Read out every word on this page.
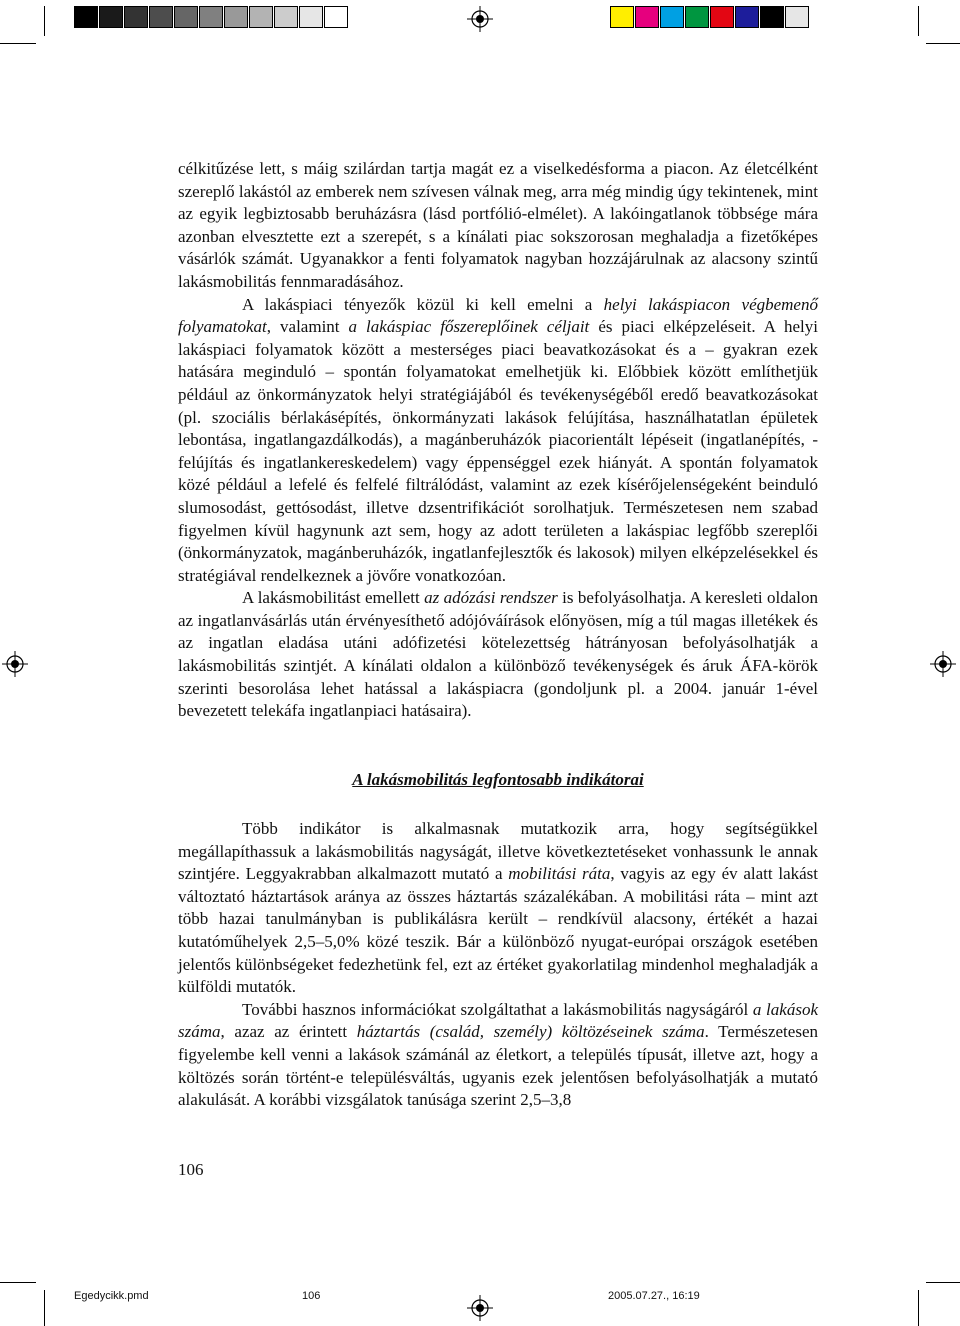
célkitűzése lett, s máig szilárdan tartja magát ez a viselkedésforma a piacon. Az életcélként szereplő lakástól az emberek nem szívesen válnak meg, arra még mindig úgy tekintenek, mint az egyik legbiztosabb beruházásra (lásd portfólió-elmélet). A lakóingatlanok többsége mára azonban elvesztette ezt a szerepét, s a kínálati piac sokszorosan meghaladja a fizetőképes vásárlók számát. Ugyanakkor a fenti folyamatok nagyban hozzájárulnak az alacsony szintű lakásmobilitás fennmaradásához.

A lakáspiaci tényezők közül ki kell emelni a helyi lakáspiacon végbemenő folyamatokat, valamint a lakáspiac főszereplőinek céljait és piaci elképzeléseit. A helyi lakáspiaci folyamatok között a mesterséges piaci beavatkozásokat és a – gyakran ezek hatására meginduló – spontán folyamatokat emelhetjük ki. Előbbiek között említhetjük például az önkormányzatok helyi stratégiájából és tevékenységéből eredő beavatkozásokat (pl. szociális bérlakásépítés, önkormányzati lakások felújítása, használhatatlan épületek lebontása, ingatlangazdálkodás), a magánberuházók piacorientált lépéseit (ingatlanépítés, -felújítás és ingatlankereskedelem) vagy éppenséggel ezek hiányát. A spontán folyamatok közé például a lefelé és felfelé filtrálódást, valamint az ezek kísérőjelenségeként beinduló slumosodást, gettósodást, illetve dzsentrifikációt sorolhatjuk. Természetesen nem szabad figyelmen kívül hagynunk azt sem, hogy az adott területen a lakáspiac legfőbb szereplői (önkormányzatok, magánberuházók, ingatlanfejlesztők és lakosok) milyen elképzelésekkel és stratégiával rendelkeznek a jövőre vonatkozóan.

A lakásmobilitást emellett az adózási rendszer is befolyásolhatja. A keresleti oldalon az ingatlanvásárlás után érvényesíthető adójóváírások előnyösen, míg a túl magas illetékek és az ingatlan eladása utáni adófizetési kötelezettség hátrányosan befolyásolhatják a lakásmobilitás szintjét. A kínálati oldalon a különböző tevékenységek és áruk ÁFA-körök szerinti besorolása lehet hatással a lakáspiacra (gondoljunk pl. a 2004. január 1-ével bevezetett telekáfa ingatlanpiaci hatásaira).

A lakásmobilitás legfontosabb indikátorai

Több indikátor is alkalmasnak mutatkozik arra, hogy segítségükkel megállapíthassuk a lakásmobilitás nagyságát, illetve következtetéseket vonhassunk le annak szintjére. Leggyakrabban alkalmazott mutató a mobilitási ráta, vagyis az egy év alatt lakást változtató háztartások aránya az összes háztartás százalékában. A mobilitási ráta – mint azt több hazai tanulmányban is publikálásra került – rendkívül alacsony, értékét a hazai kutatóműhelyek 2,5–5,0% közé teszik. Bár a különböző nyugat-európai országok esetében jelentős különbségeket fedezhetünk fel, ezt az értéket gyakorlatilag mindenhol meghaladják a külföldi mutatók.

További hasznos információkat szolgáltathat a lakásmobilitás nagyságáról a lakások száma, azaz az érintett háztartás (család, személy) költözéseinek száma. Természetesen figyelembe kell venni a lakások számánál az életkort, a település típusát, illetve azt, hogy a költözés során történt-e településváltás, ugyanis ezek jelentősen befolyásolhatják a mutató alakulását. A korábbi vizsgálatok tanúsága szerint 2,5–3,8

106
Egedycikk.pmd	106	2005.07.27., 16:19
